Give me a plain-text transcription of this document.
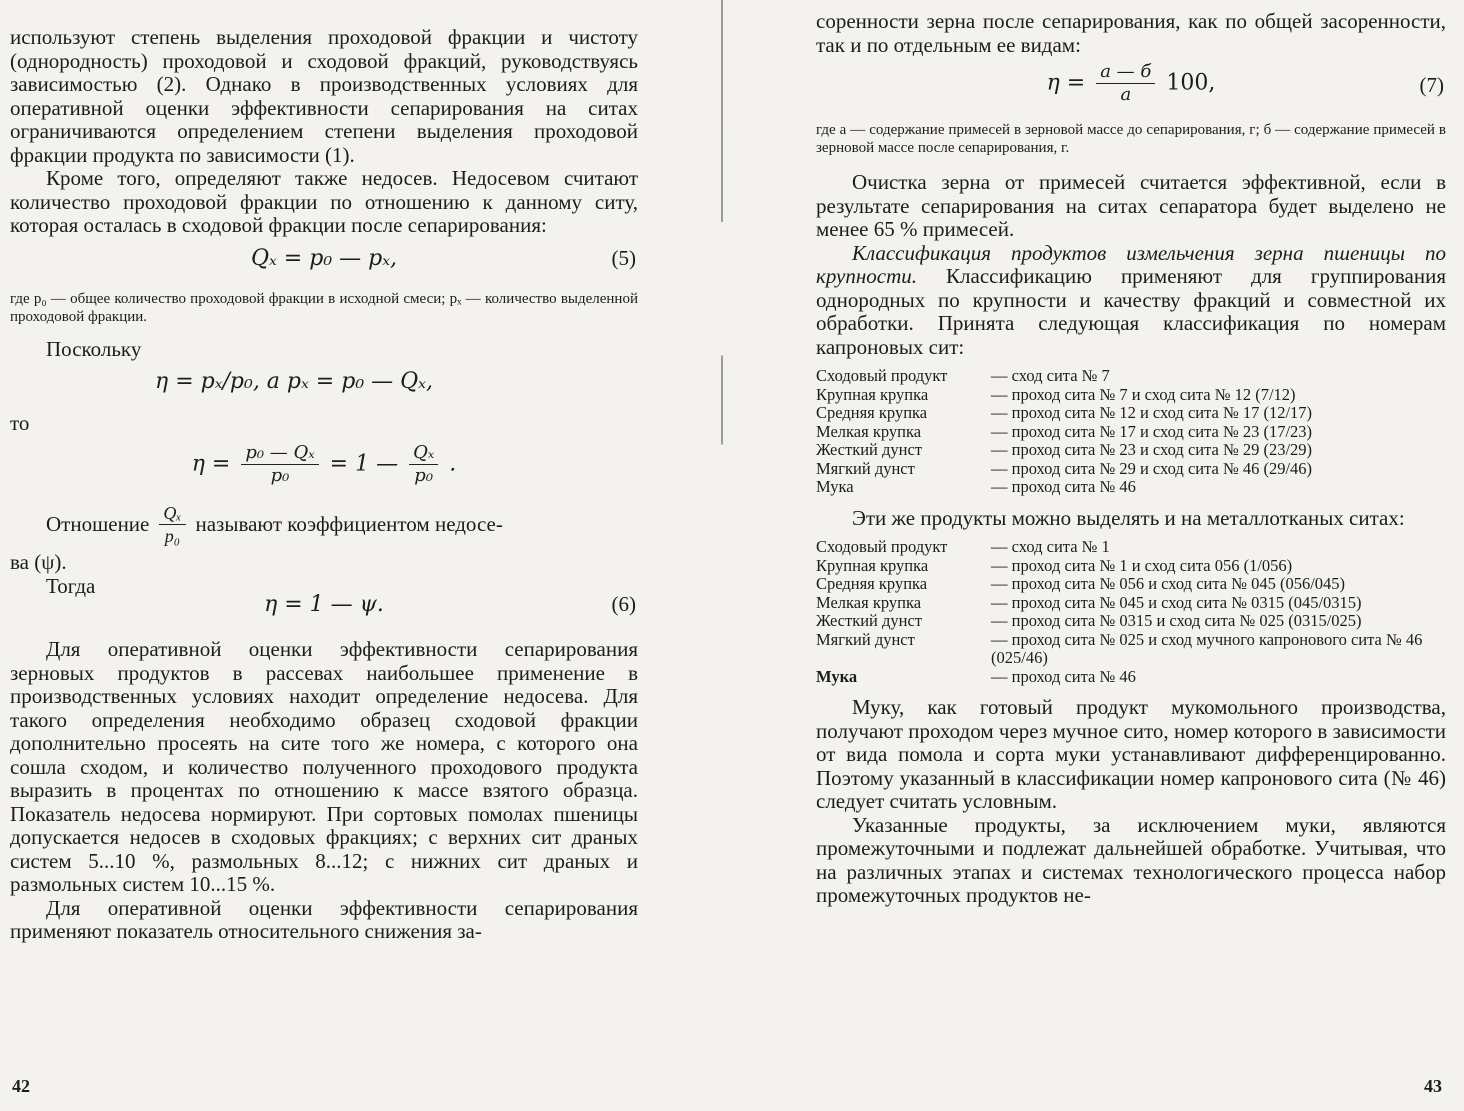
используют степень выделения проходовой фракции и чистоту (однородность) проходовой и сходовой фракций, руководствуясь зависимостью (2). Однако в производственных условиях для оперативной оценки эффективности сепарирования на ситах ограничиваются определением степени выделения проходовой фракции продукта по зависимости (1).

Кроме того, определяют также недосев. Недосевом считают количество проходовой фракции по отношению к данному ситу, которая осталась в сходовой фракции после сепарирования:

Qₓ = p₀ — pₓ,	(5)

где p₀ — общее количество проходовой фракции в исходной смеси; pₓ — количество выделенной проходовой фракции.

Поскольку

η = pₓ/p₀, а pₓ = p₀ — Qₓ,

то

$\eta = \frac{\text{p₀ — Qₓ}}{\text{p₀}} = 1$ — $\frac{\text{Qₓ}}{\text{p₀}}$ .
Отношение $\frac{\text{Qₓ}}{\text{p₀}}$ называют коэффициентом недосе-

ва (ψ).

Тогда

η = 1 — ψ.	(6)

Для оперативной оценки эффективности сепарирования зерновых продуктов в рассевах наибольшее применение в производственных условиях находит определение недосева. Для такого определения необходимо образец сходовой фракции дополнительно просеять на сите того же номера, с которого она сошла сходом, и количество полученного проходового продукта выразить в процентах по отношению к массе взятого образца. Показатель недосева нормируют. При сортовых помолах пшеницы допускается недосев в сходовых фракциях; с верхних сит драных систем 5...10 %, размольных 8...12; с нижних сит драных и размольных систем 10...15 %.

Для оперативной оценки эффективности сепарирования применяют показатель относительного снижения за-

42

соренности зерна после сепарирования, как по общей засоренности, так и по отдельным ее видам:

$\eta = \frac{а — б}{а} 100$,	(7)

где а — содержание примесей в зерновой массе до сепарирования, г; б — содержание примесей в зерновой массе после сепарирования, г.

Очистка зерна от примесей считается эффективной, если в результате сепарирования на ситах сепаратора будет выделено не менее 65 % примесей.

Классификация продуктов измельчения зерна пшеницы по крупности. Классификацию применяют для группирования однородных по крупности и качеству фракций и совместной их обработки. Принята следующая классификация по номерам капроновых сит:

Сходовый продукт	— сход сита № 7
Крупная крупка	— проход сита № 7 и сход сита № 12 (7/12)
Средняя крупка	— проход сита № 12 и сход сита № 17 (12/17)
Мелкая крупка	— проход сита № 17 и сход сита № 23 (17/23)
Жесткий дунст	— проход сита № 23 и сход сита № 29 (23/29)
Мягкий дунст	— проход сита № 29 и сход сита № 46 (29/46)
Мука	— проход сита № 46

Эти же продукты можно выделять и на металлотканых ситах:

Сходовый продукт	— сход сита № 1
Крупная крупка	— проход сита № 1 и сход сита 056 (1/056)
Средняя крупка	— проход сита № 056 и сход сита № 045 (056/045)
Мелкая крупка	— проход сита № 045 и сход сита № 0315 (045/0315)
Жесткий дунст	— проход сита № 0315 и сход сита № 025 (0315/025)
Мягкий дунст	— проход сита № 025 и сход мучного капронового сита № 46 (025/46)
Мука	— проход сита № 46

Муку, как готовый продукт мукомольного производства, получают проходом через мучное сито, номер которого в зависимости от вида помола и сорта муки устанавливают дифференцированно. Поэтому указанный в классификации номер капронового сита (№ 46) следует считать условным.

Указанные продукты, за исключением муки, являются промежуточными и подлежат дальнейшей обработке. Учитывая, что на различных этапах и системах технологического процесса набор промежуточных продуктов не-

43
